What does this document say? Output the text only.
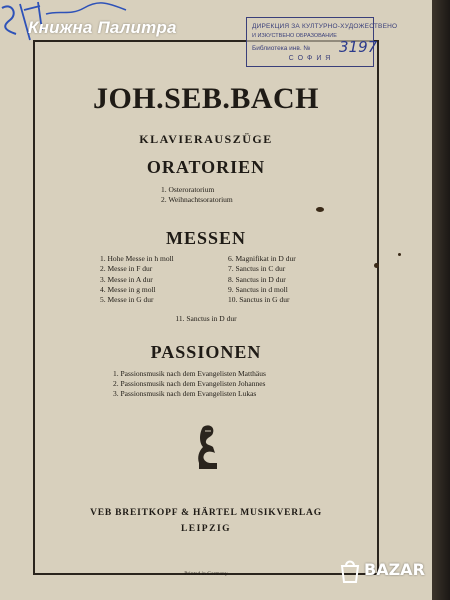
Книжна Палитра	ДИРЕКЦИЯ ЗА КУЛТУРНО-ХУДОЖЕСТВЕНО
И ИЗКУСТВЕНО ОБРАЗОВАНИЕ
Библиотека инв. № 3197
С О Ф И Я
JOH.SEB.BACH
KLAVIERAUSZÜGE
ORATORIEN
1. Osteroratorium
2. Weihnachtsoratorium
MESSEN
1. Hohe Messe in h moll
2. Messe in F dur
3. Messe in A dur
4. Messe in g moll
5. Messe in G dur
6. Magnifikat in D dur
7. Sanctus in C dur
8. Sanctus in D dur
9. Sanctus in d moll
10. Sanctus in G dur
11. Sanctus in D dur
PASSIONEN
1. Passionsmusik nach dem Evangelisten Matthäus
2. Passionsmusik nach dem Evangelisten Johannes
3. Passionsmusik nach dem Evangelisten Lukas
VEB BREITKOPF & HÄRTEL MUSIKVERLAG
LEIPZIG
Printed in Germany	BAZAR
